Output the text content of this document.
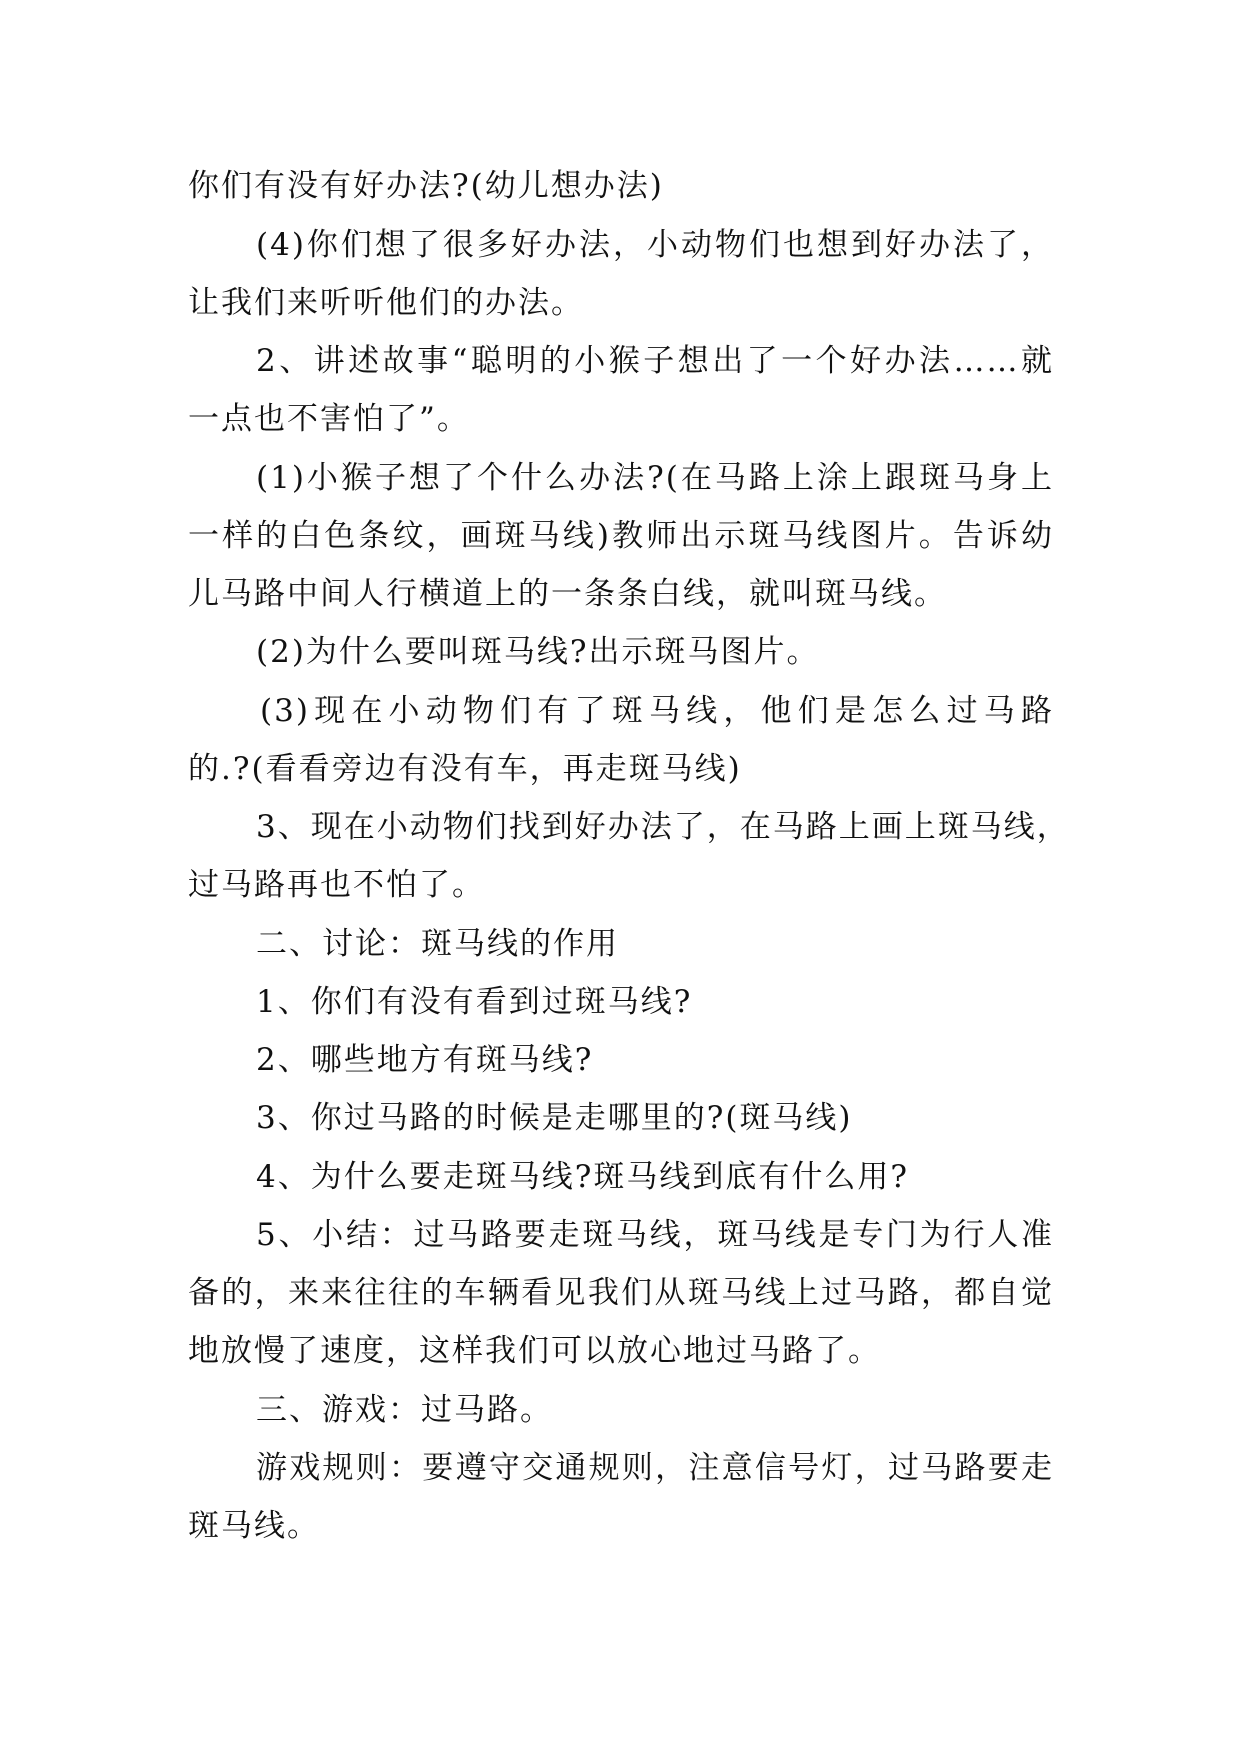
你们有没有好办法?(幼儿想办法)
(4)你们想了很多好办法，小动物们也想到好办法了，
让我们来听听他们的办法。
2、讲述故事“聪明的小猴子想出了一个好办法……就
一点也不害怕了”。
(1)小猴子想了个什么办法?(在马路上涂上跟斑马身上
一样的白色条纹，画斑马线)教师出示斑马线图片。告诉幼
儿马路中间人行横道上的一条条白线，就叫斑马线。
(2)为什么要叫斑马线?出示斑马图片。
(3)现在小动物们有了斑马线，他们是怎么过马路
的.?(看看旁边有没有车，再走斑马线)
3、现在小动物们找到好办法了，在马路上画上斑马线，
过马路再也不怕了。
二、讨论：斑马线的作用
1、你们有没有看到过斑马线?
2、哪些地方有斑马线?
3、你过马路的时候是走哪里的?(斑马线)
4、为什么要走斑马线?斑马线到底有什么用?
5、小结：过马路要走斑马线，斑马线是专门为行人准
备的，来来往往的车辆看见我们从斑马线上过马路，都自觉
地放慢了速度，这样我们可以放心地过马路了。
三、游戏：过马路。
游戏规则：要遵守交通规则，注意信号灯，过马路要走
斑马线。
